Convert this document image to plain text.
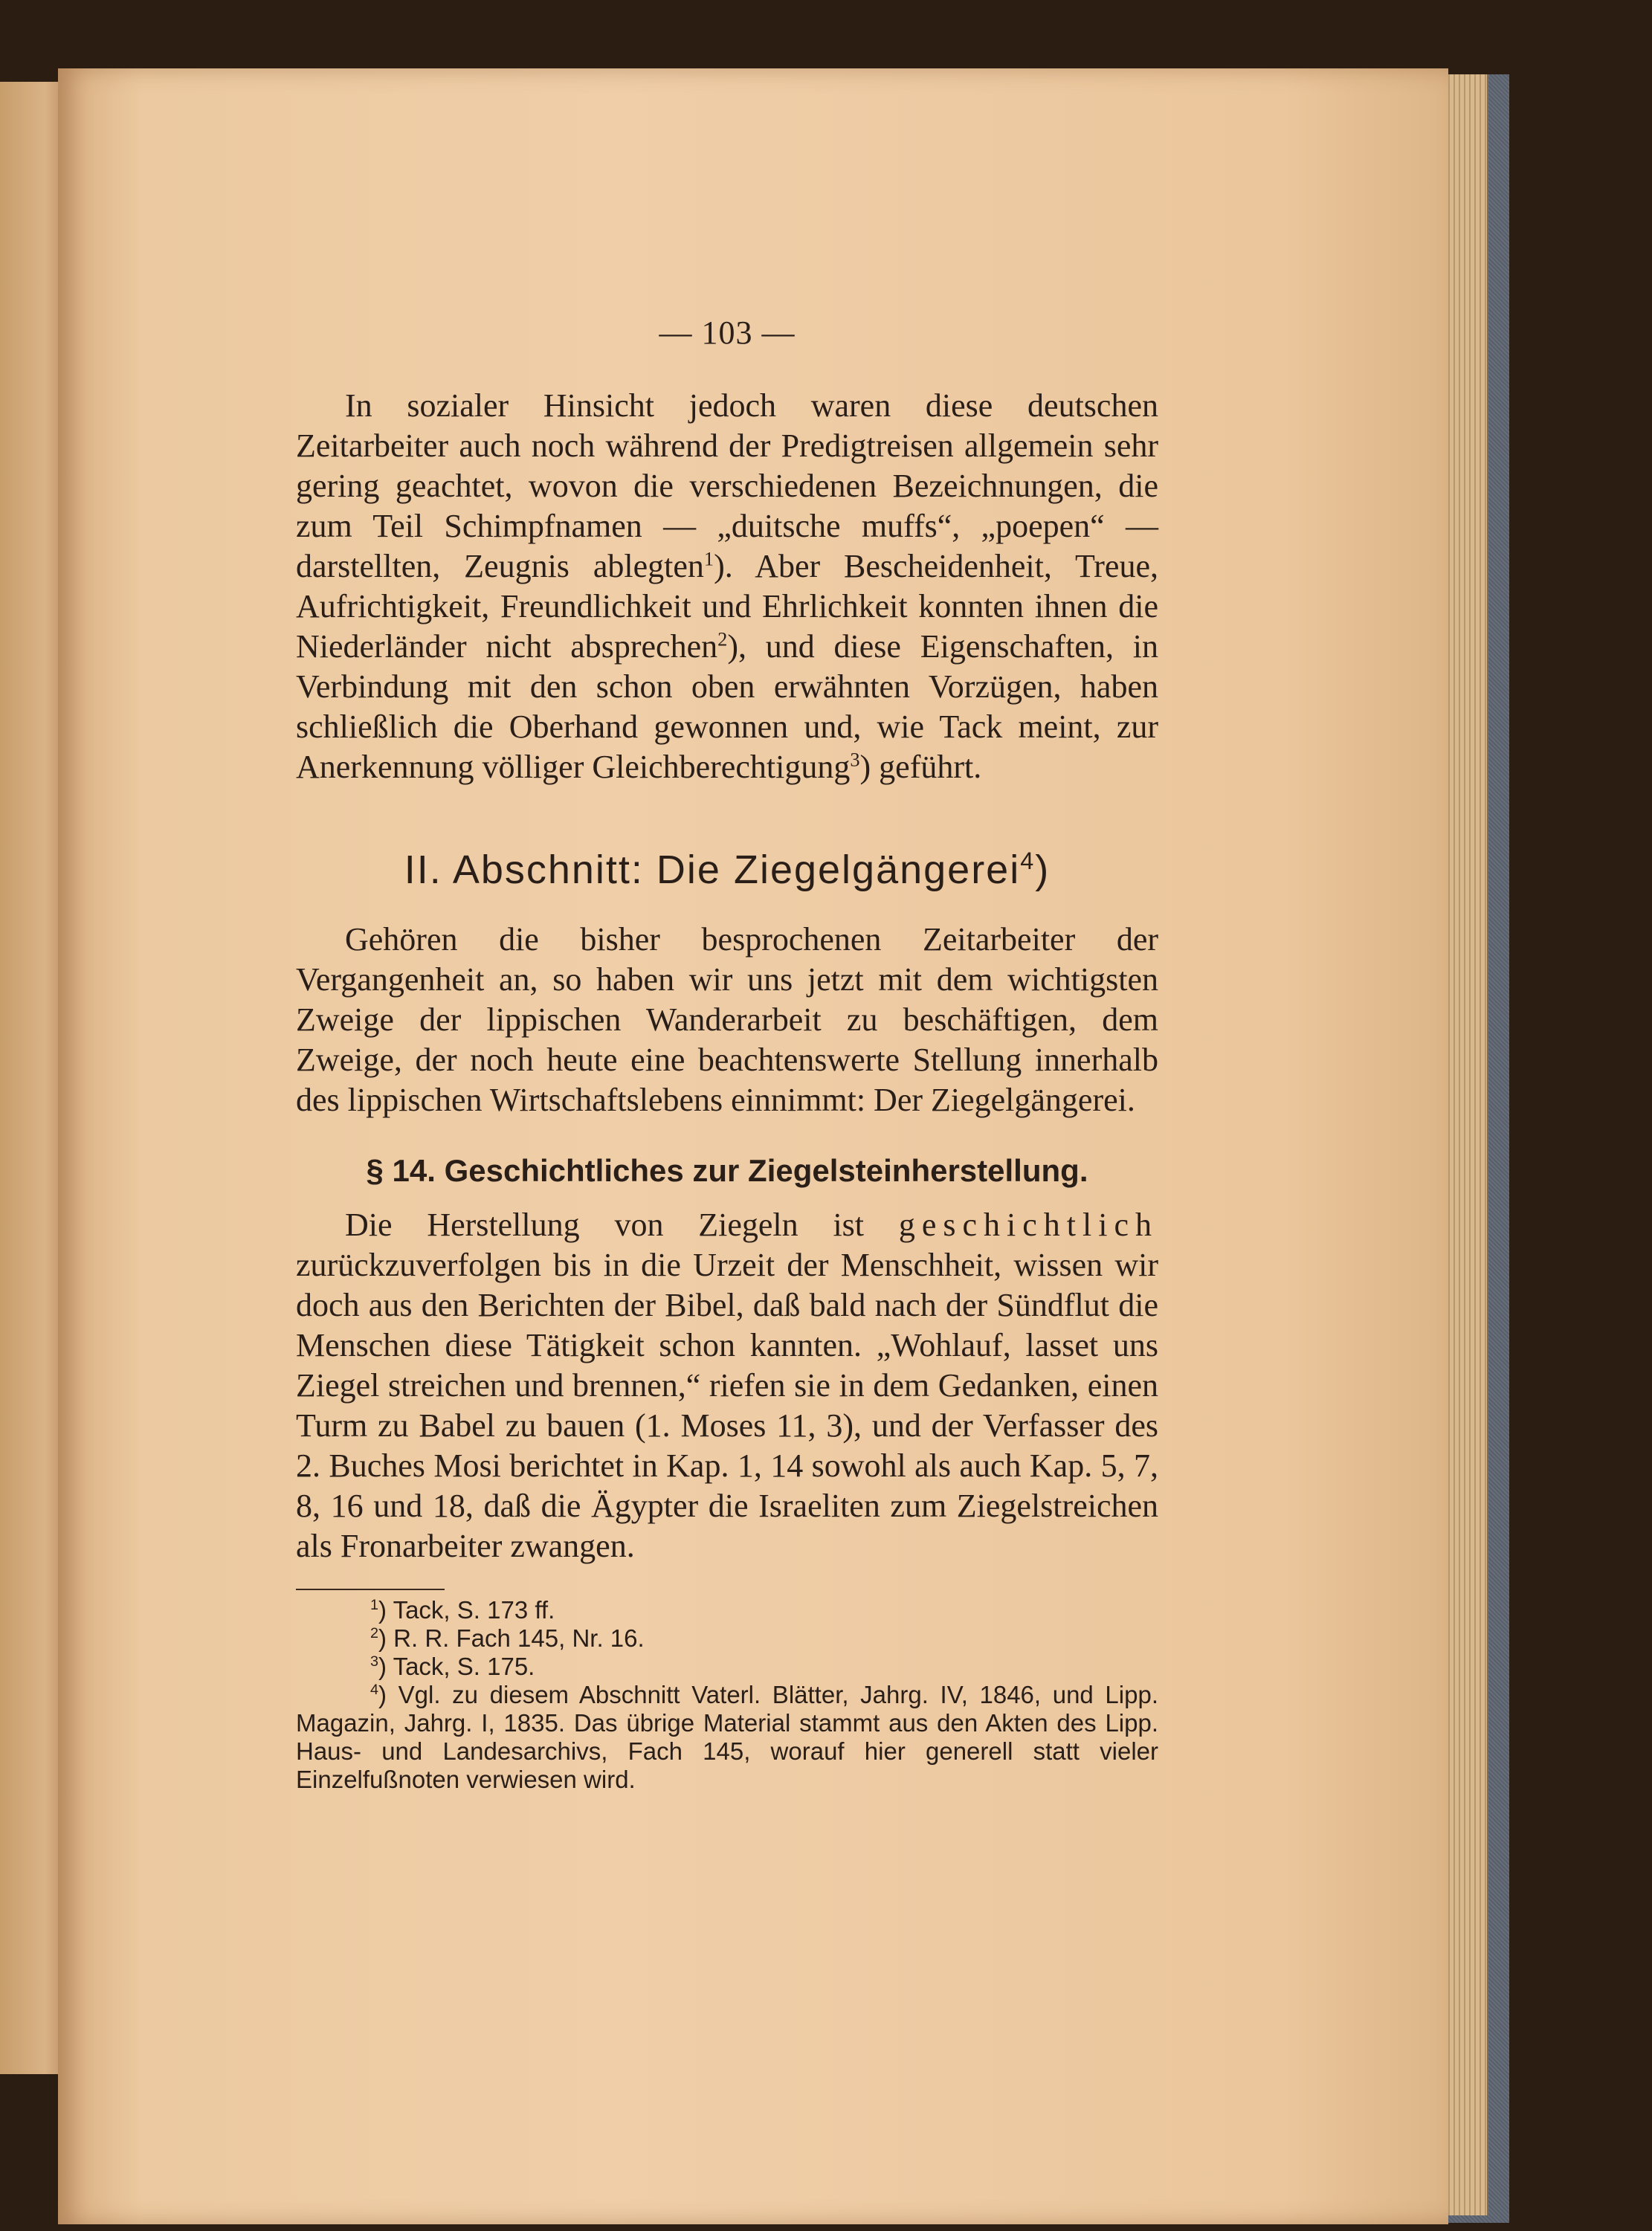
— 103 —

In sozialer Hinsicht jedoch waren diese deutschen Zeitarbeiter auch noch während der Predigtreisen allgemein sehr gering geachtet, wovon die verschiedenen Bezeichnungen, die zum Teil Schimpfnamen — „duitsche muffs“, „poepen“ — darstellten, Zeugnis ablegten$^1$). Aber Bescheidenheit, Treue, Aufrichtigkeit, Freundlichkeit und Ehrlichkeit konnten ihnen die Niederländer nicht absprechen$^2$), und diese Eigenschaften, in Verbindung mit den schon oben erwähnten Vorzügen, haben schließlich die Oberhand gewonnen und, wie Tack meint, zur Anerkennung völliger Gleichberechtigung$^3$) geführt.

II. Abschnitt: Die Ziegelgängerei$^4$)

Gehören die bisher besprochenen Zeitarbeiter der Vergangenheit an, so haben wir uns jetzt mit dem wichtigsten Zweige der lippischen Wanderarbeit zu beschäftigen, dem Zweige, der noch heute eine beachtenswerte Stellung innerhalb des lippischen Wirtschaftslebens einnimmt: Der Ziegelgängerei.

§ 14. Geschichtliches zur Ziegelsteinherstellung.

Die Herstellung von Ziegeln ist geschichtlich zurückzuverfolgen bis in die Urzeit der Menschheit, wissen wir doch aus den Berichten der Bibel, daß bald nach der Sündflut die Menschen diese Tätigkeit schon kannten. „Wohlauf, lasset uns Ziegel streichen und brennen,“ riefen sie in dem Gedanken, einen Turm zu Babel zu bauen (1. Moses 11, 3), und der Verfasser des 2. Buches Mosi berichtet in Kap. 1, 14 sowohl als auch Kap. 5, 7, 8, 16 und 18, daß die Ägypter die Israeliten zum Ziegelstreichen als Fronarbeiter zwangen.

$^1$) Tack, S. 173 ff.
$^2$) R. R. Fach 145, Nr. 16.
$^3$) Tack, S. 175.
$^4$) Vgl. zu diesem Abschnitt Vaterl. Blätter, Jahrg. IV, 1846, und Lipp. Magazin, Jahrg. I, 1835. Das übrige Material stammt aus den Akten des Lipp. Haus- und Landesarchivs, Fach 145, worauf hier generell statt vieler Einzelfußnoten verwiesen wird.
